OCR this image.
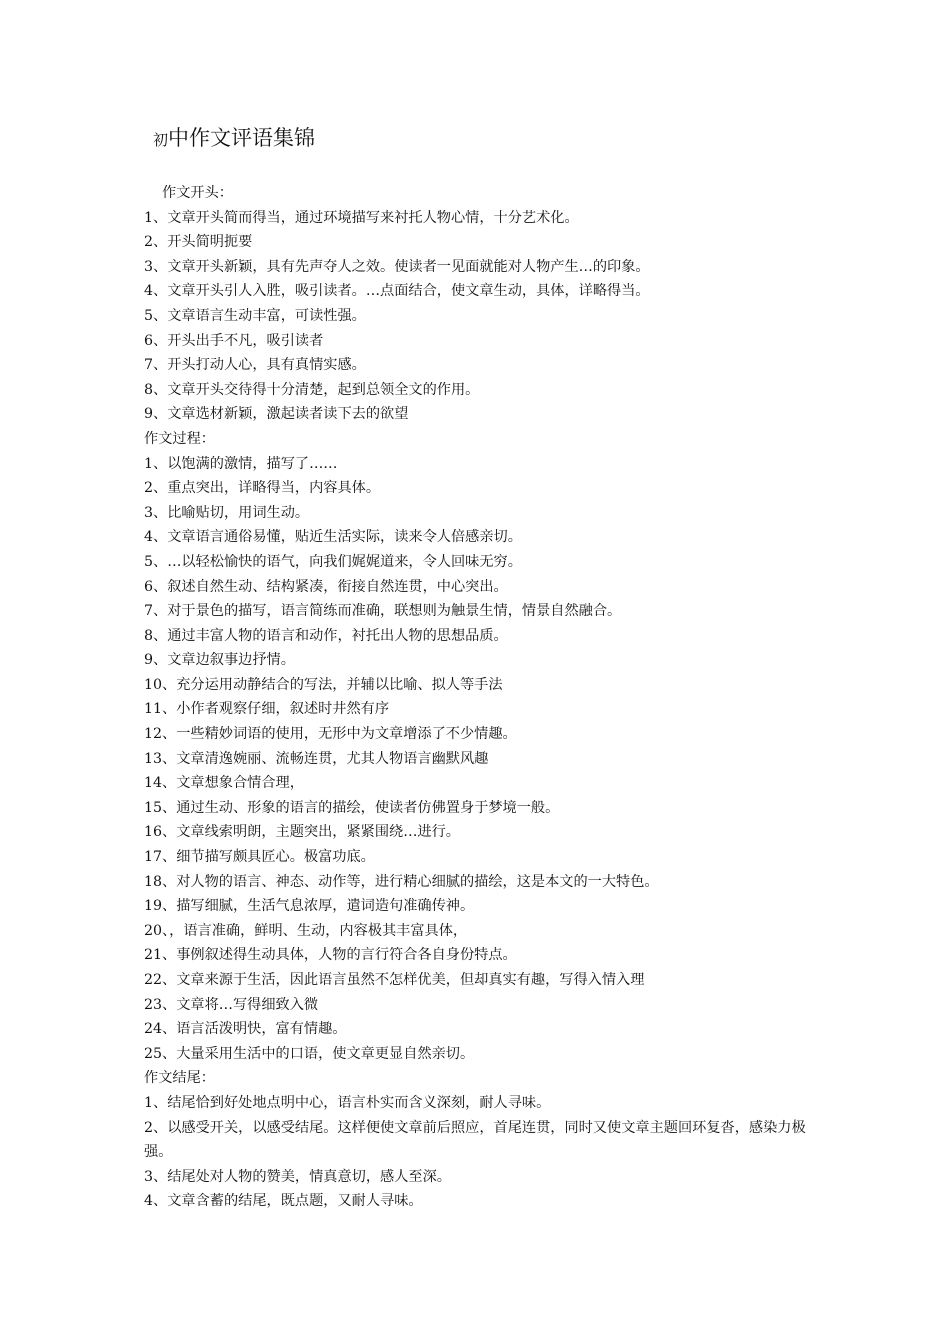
初中作文评语集锦
作文开头：
1、文章开头简而得当，通过环境描写来衬托人物心情，十分艺术化。
2、开头简明扼要
3、文章开头新颖，具有先声夺人之效。使读者一见面就能对人物产生…的印象。
4、文章开头引人入胜，吸引读者。…点面结合，使文章生动，具体，详略得当。
5、文章语言生动丰富，可读性强。
6、开头出手不凡，吸引读者
7、开头打动人心，具有真情实感。
8、文章开头交待得十分清楚，起到总领全文的作用。
9、文章选材新颖，激起读者读下去的欲望
作文过程：
1、以饱满的激情，描写了……
2、重点突出，详略得当，内容具体。
3、比喻贴切，用词生动。
4、文章语言通俗易懂，贴近生活实际，读来令人倍感亲切。
5、…以轻松愉快的语气，向我们娓娓道来，令人回味无穷。
6、叙述自然生动、结构紧凑，衔接自然连贯，中心突出。
7、对于景色的描写，语言简练而准确，联想则为触景生情，情景自然融合。
8、通过丰富人物的语言和动作，衬托出人物的思想品质。
9、文章边叙事边抒情。
10、充分运用动静结合的写法，并辅以比喻、拟人等手法
11、小作者观察仔细，叙述时井然有序
12、一些精妙词语的使用，无形中为文章增添了不少情趣。
13、文章清逸婉丽、流畅连贯，尤其人物语言幽默风趣
14、文章想象合情合理，
15、通过生动、形象的语言的描绘，使读者仿佛置身于梦境一般。
16、文章线索明朗，主题突出，紧紧围绕…进行。
17、细节描写颇具匠心。极富功底。
18、对人物的语言、神态、动作等，进行精心细腻的描绘，这是本文的一大特色。
19、描写细腻，生活气息浓厚，遣词造句准确传神。
20、，语言准确，鲜明、生动，内容极其丰富具体，
21、事例叙述得生动具体，人物的言行符合各自身份特点。
22、文章来源于生活，因此语言虽然不怎样优美，但却真实有趣，写得入情入理
23、文章将…写得细致入微
24、语言活泼明快，富有情趣。
25、大量采用生活中的口语，使文章更显自然亲切。
作文结尾：
1、结尾恰到好处地点明中心，语言朴实而含义深刻，耐人寻味。
2、以感受开关，以感受结尾。这样便使文章前后照应，首尾连贯，同时又使文章主题回环复沓，感染力极强。
3、结尾处对人物的赞美，情真意切，感人至深。
4、文章含蓄的结尾，既点题，又耐人寻味。
